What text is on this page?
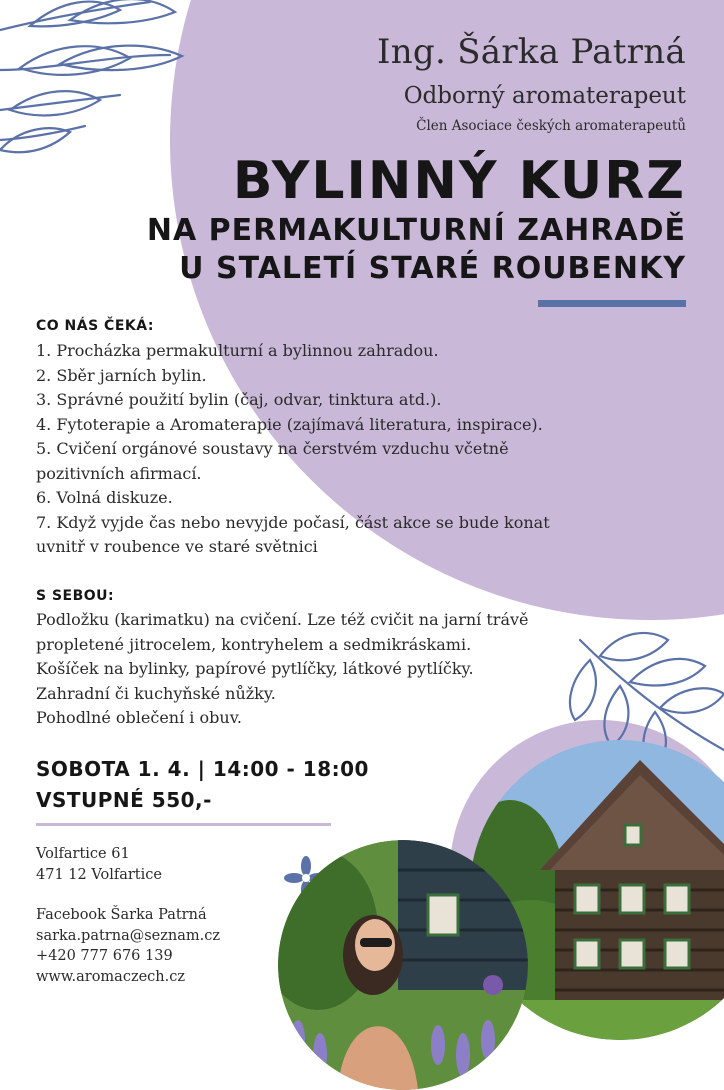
Ing. Šárka Patrná
Odborný aromaterapeut
Člen Asociace českých aromaterapeutů
BYLINNÝ KURZ
NA PERMAKULTURNÍ ZAHRADĚ
U STALETÍ STARÉ ROUBENKY
CO NÁS ČEKÁ:
1. Procházka permakulturní a bylinnou zahradou.
2. Sběr jarních bylin.
3. Správné použití bylin (čaj, odvar, tinktura atd.).
4. Fytoterapie a Aromaterapie (zajímavá literatura, inspirace).
5. Cvičení orgánové soustavy na čerstvém vzduchu včetně
pozitivních afirmací.
6. Volná diskuze.
7. Když vyjde čas nebo nevyjde počasí, část akce se bude konat
uvnitř v roubence ve staré světnici
S SEBOU:
Podložku (karimatku) na cvičení. Lze též cvičit na jarní trávě
propletené jitrocelem, kontryhelem a sedmikráskami.
Košíček na bylinky, papírové pytlíčky, látkové pytlíčky.
Zahradní či kuchyňské nůžky.
Pohodlné oblečení i obuv.
SOBOTA 1. 4. | 14:00 - 18:00
VSTUPNÉ 550,-
Volfartice 61
471 12 Volfartice
Facebook Šarka Patrná
sarka.patrna@seznam.cz
+420 777 676 139
www.aromaczech.cz
